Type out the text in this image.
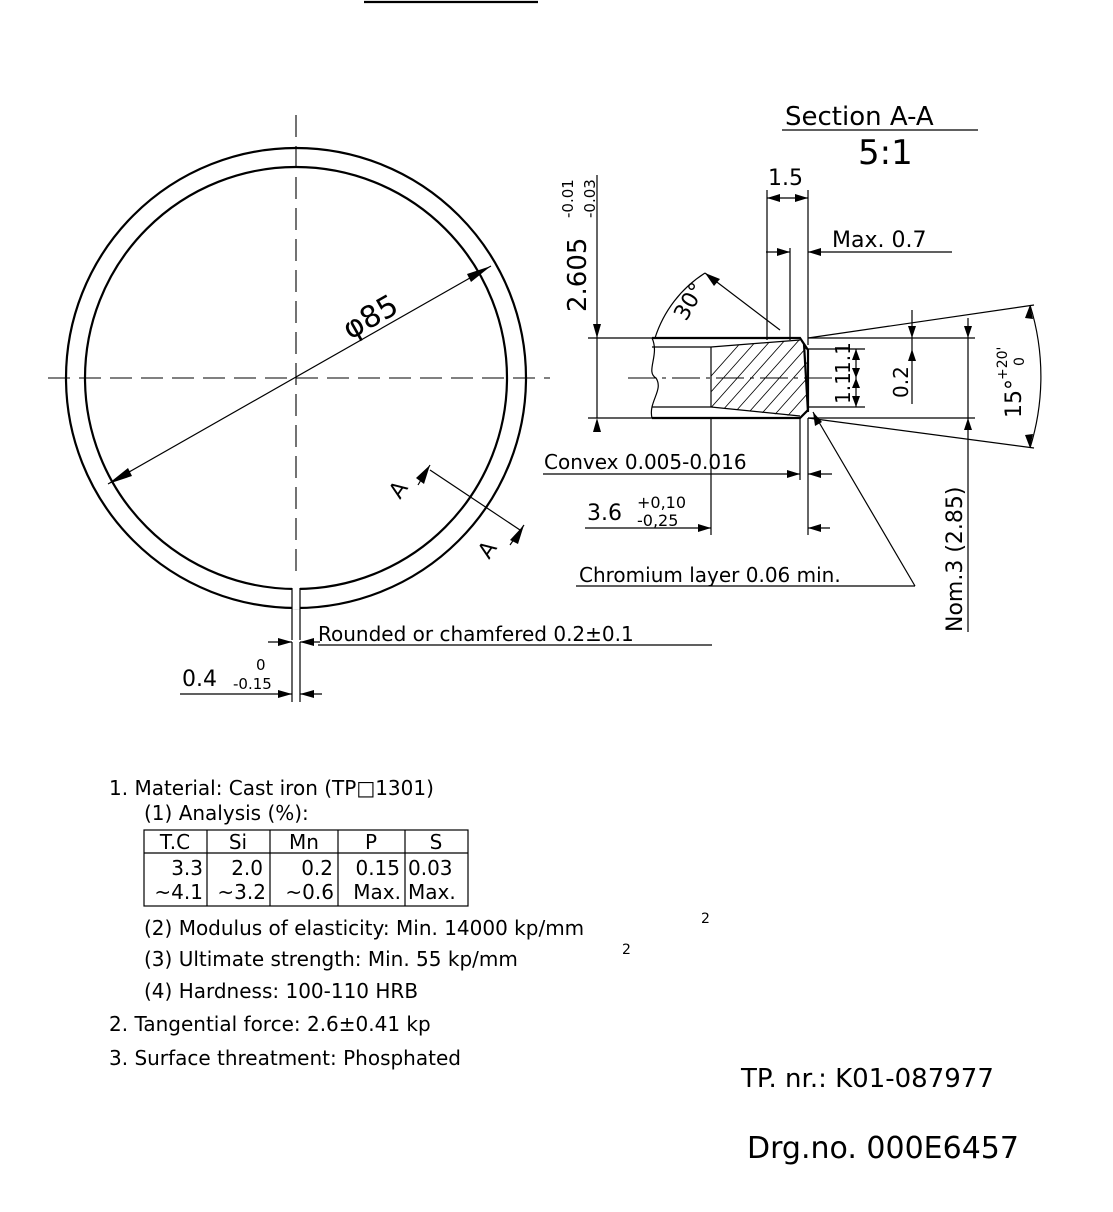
φ85
A
A
Rounded or chamfered 0.2±0.1
0.4
0
-0.15
Section A-A
5:1
2.605
-0.01 -0.03
30°
1.5
Max. 0.7
1.1
1.1 0.2	15°
+20' 0
Nom.3 (2.85)
Convex 0.005-0.016
3.6 +0,10
-0,25
Chromium layer 0.06 min.
1. Material: Cast iron (TP□1301)
(1) Analysis (%):
T.C Si Mn P	S
3.3 2.0 0.2 0.15 0.03
~4.1 ~3.2 ~0.6 Max. Max.
(2) Modulus of elasticity: Min. 14000 kp/mm	2
(3) Ultimate strength: Min. 55 kp/mm	2
(4) Hardness: 100-110 HRB
2. Tangential force: 2.6±0.41 kp
3. Surface threatment: Phosphated
TP. nr.: K01-087977
Drg.no. 000E6457
